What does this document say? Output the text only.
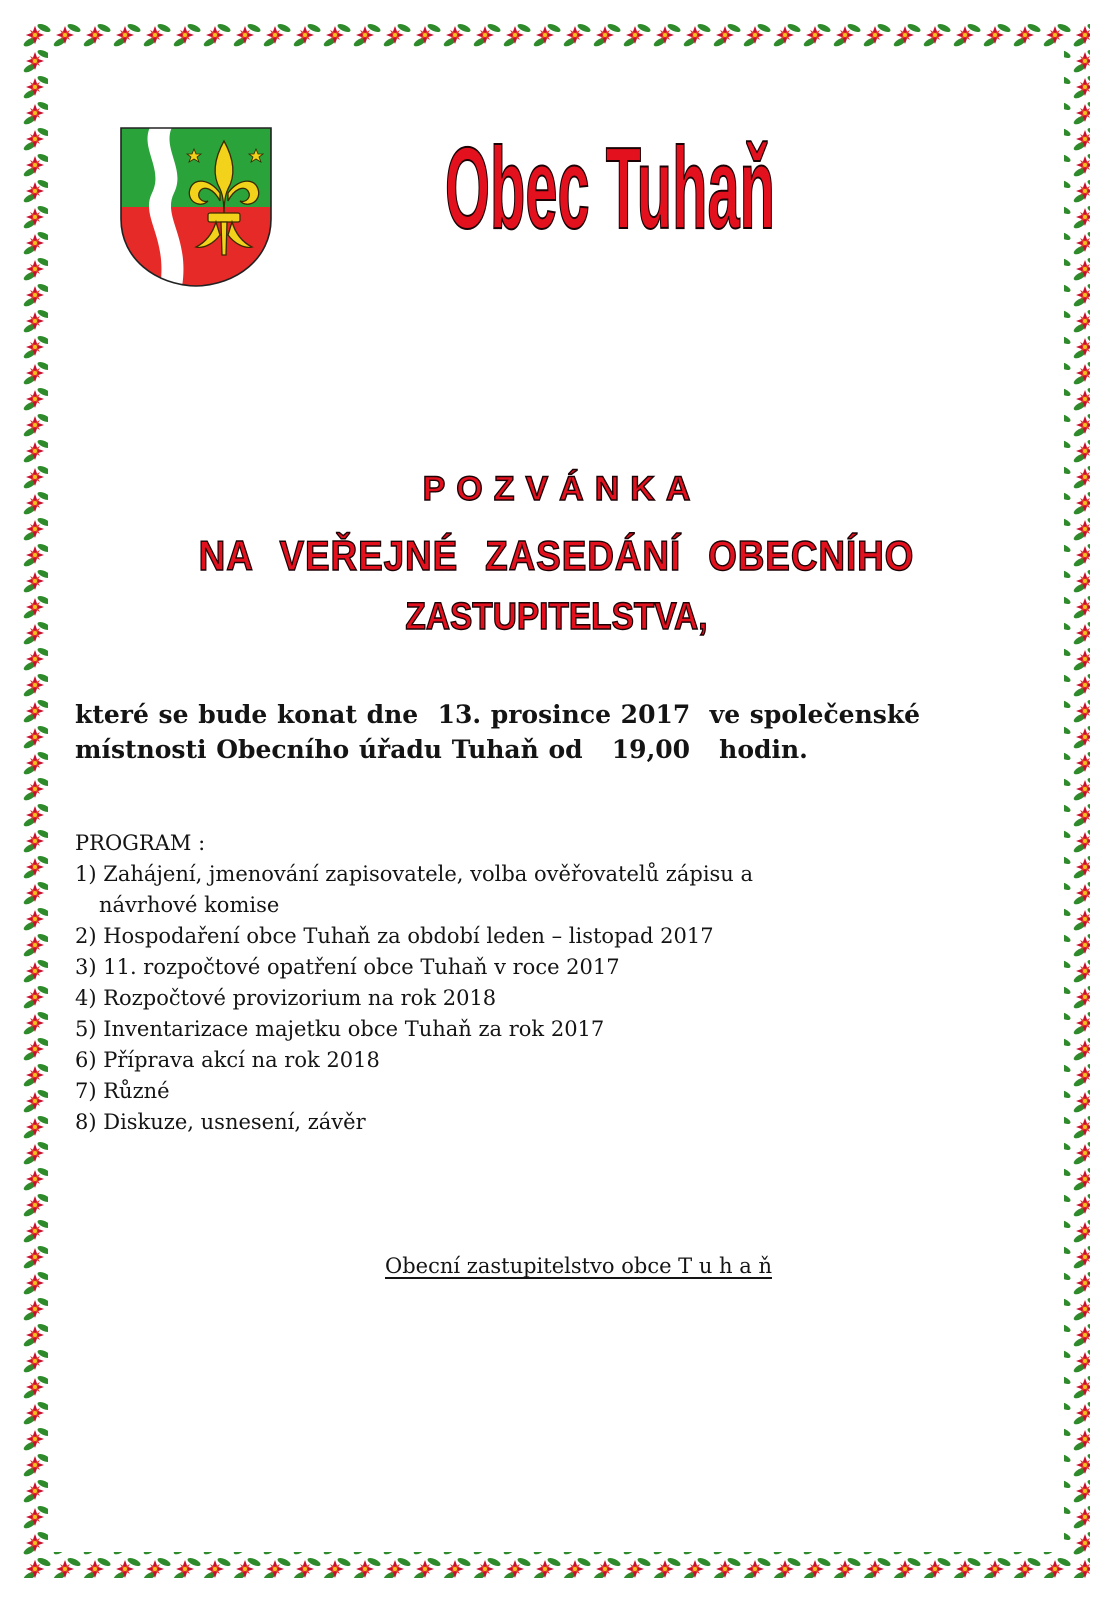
Obec Tuhaň
POZVÁNKA
NA VEŘEJNÉ ZASEDÁNÍ OBECNÍHO
ZASTUPITELSTVA,

které se bude konat dne  13. prosince 2017  ve společenské

místnosti Obecního úřadu Tuhaň od   19,00   hodin.

PROGRAM :

1) Zahájení, jmenování zapisovatele, volba ověřovatelů zápisu a
návrhové komise
2) Hospodaření obce Tuhaň za období leden – listopad 2017
3) 11. rozpočtové opatření obce Tuhaň v roce 2017
4) Rozpočtové provizorium na rok 2018
5) Inventarizace majetku obce Tuhaň za rok 2017
6) Příprava akcí na rok 2018
7) Různé
8) Diskuze, usnesení, závěr
Obecní zastupitelstvo obce T u h a ň
